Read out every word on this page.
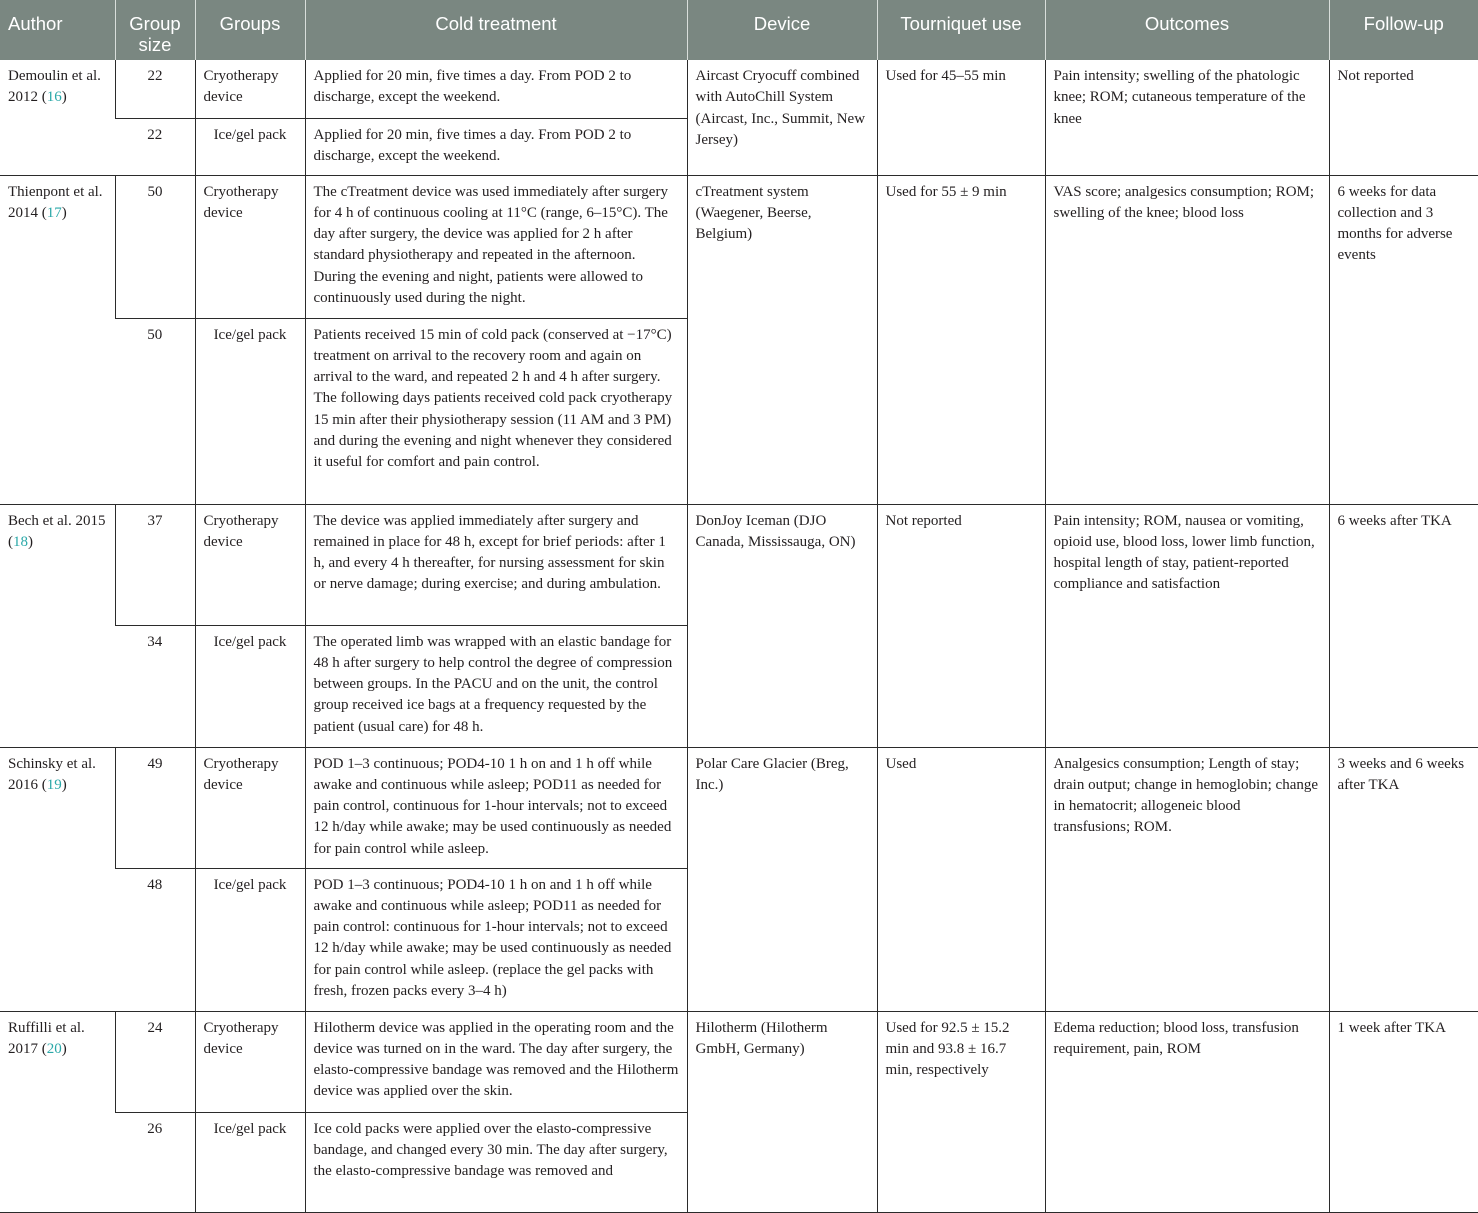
Author	Group size	Groups	Cold treatment	Device	Tourniquet use	Outcomes	Follow-up
Demoulin et al. 2012 (16)	22	Cryotherapy device	Applied for 20 min, five times a day. From POD 2 to discharge, except the weekend.	Aircast Cryocuff combined with AutoChill System (Aircast, Inc., Summit, New Jersey)	Used for 45–55 min	Pain intensity; swelling of the phatologic knee; ROM; cutaneous temperature of the knee	Not reported
	22	Ice/gel pack	Applied for 20 min, five times a day. From POD 2 to discharge, except the weekend.				
Thienpont et al. 2014 (17)	50	Cryotherapy device	The cTreatment device was used immediately after surgery for 4 h of continuous cooling at 11°C (range, 6–15°C). The day after surgery, the device was applied for 2 h after standard physiotherapy and repeated in the afternoon. During the evening and night, patients were allowed to continuously used during the night.	cTreatment system (Waegener, Beerse, Belgium)	Used for 55 ± 9 min	VAS score; analgesics consumption; ROM; swelling of the knee; blood loss	6 weeks for data collection and 3 months for adverse events
	50	Ice/gel pack	Patients received 15 min of cold pack (conserved at −17°C) treatment on arrival to the recovery room and again on arrival to the ward, and repeated 2 h and 4 h after surgery. The following days patients received cold pack cryotherapy 15 min after their physiotherapy session (11 AM and 3 PM) and during the evening and night whenever they considered it useful for comfort and pain control.				
Bech et al. 2015 (18)	37	Cryotherapy device	The device was applied immediately after surgery and remained in place for 48 h, except for brief periods: after 1 h, and every 4 h thereafter, for nursing assessment for skin or nerve damage; during exercise; and during ambulation.	DonJoy Iceman (DJO Canada, Mississauga, ON)	Not reported	Pain intensity; ROM, nausea or vomiting, opioid use, blood loss, lower limb function, hospital length of stay, patient-reported compliance and satisfaction	6 weeks after TKA
	34	Ice/gel pack	The operated limb was wrapped with an elastic bandage for 48 h after surgery to help control the degree of compression between groups. In the PACU and on the unit, the control group received ice bags at a frequency requested by the patient (usual care) for 48 h.				
Schinsky et al. 2016 (19)	49	Cryotherapy device	POD 1–3 continuous; POD4-10 1 h on and 1 h off while awake and continuous while asleep; POD11 as needed for pain control, continuous for 1-hour intervals; not to exceed 12 h/day while awake; may be used continuously as needed for pain control while asleep.	Polar Care Glacier (Breg, Inc.)	Used	Analgesics consumption; Length of stay; drain output; change in hemoglobin; change in hematocrit; allogeneic blood transfusions; ROM.	3 weeks and 6 weeks after TKA
	48	Ice/gel pack	POD 1–3 continuous; POD4-10 1 h on and 1 h off while awake and continuous while asleep; POD11 as needed for pain control: continuous for 1-hour intervals; not to exceed 12 h/day while awake; may be used continuously as needed for pain control while asleep. (replace the gel packs with fresh, frozen packs every 3–4 h)				
Ruffilli et al. 2017 (20)	24	Cryotherapy device	Hilotherm device was applied in the operating room and the device was turned on in the ward. The day after surgery, the elasto-compressive bandage was removed and the Hilotherm device was applied over the skin.	Hilotherm (Hilotherm GmbH, Germany)	Used for 92.5 ± 15.2 min and 93.8 ± 16.7 min, respectively	Edema reduction; blood loss, transfusion requirement, pain, ROM	1 week after TKA
	26	Ice/gel pack	Ice cold packs were applied over the elasto-compressive bandage, and changed every 30 min. The day after surgery, the elasto-compressive bandage was removed and				
